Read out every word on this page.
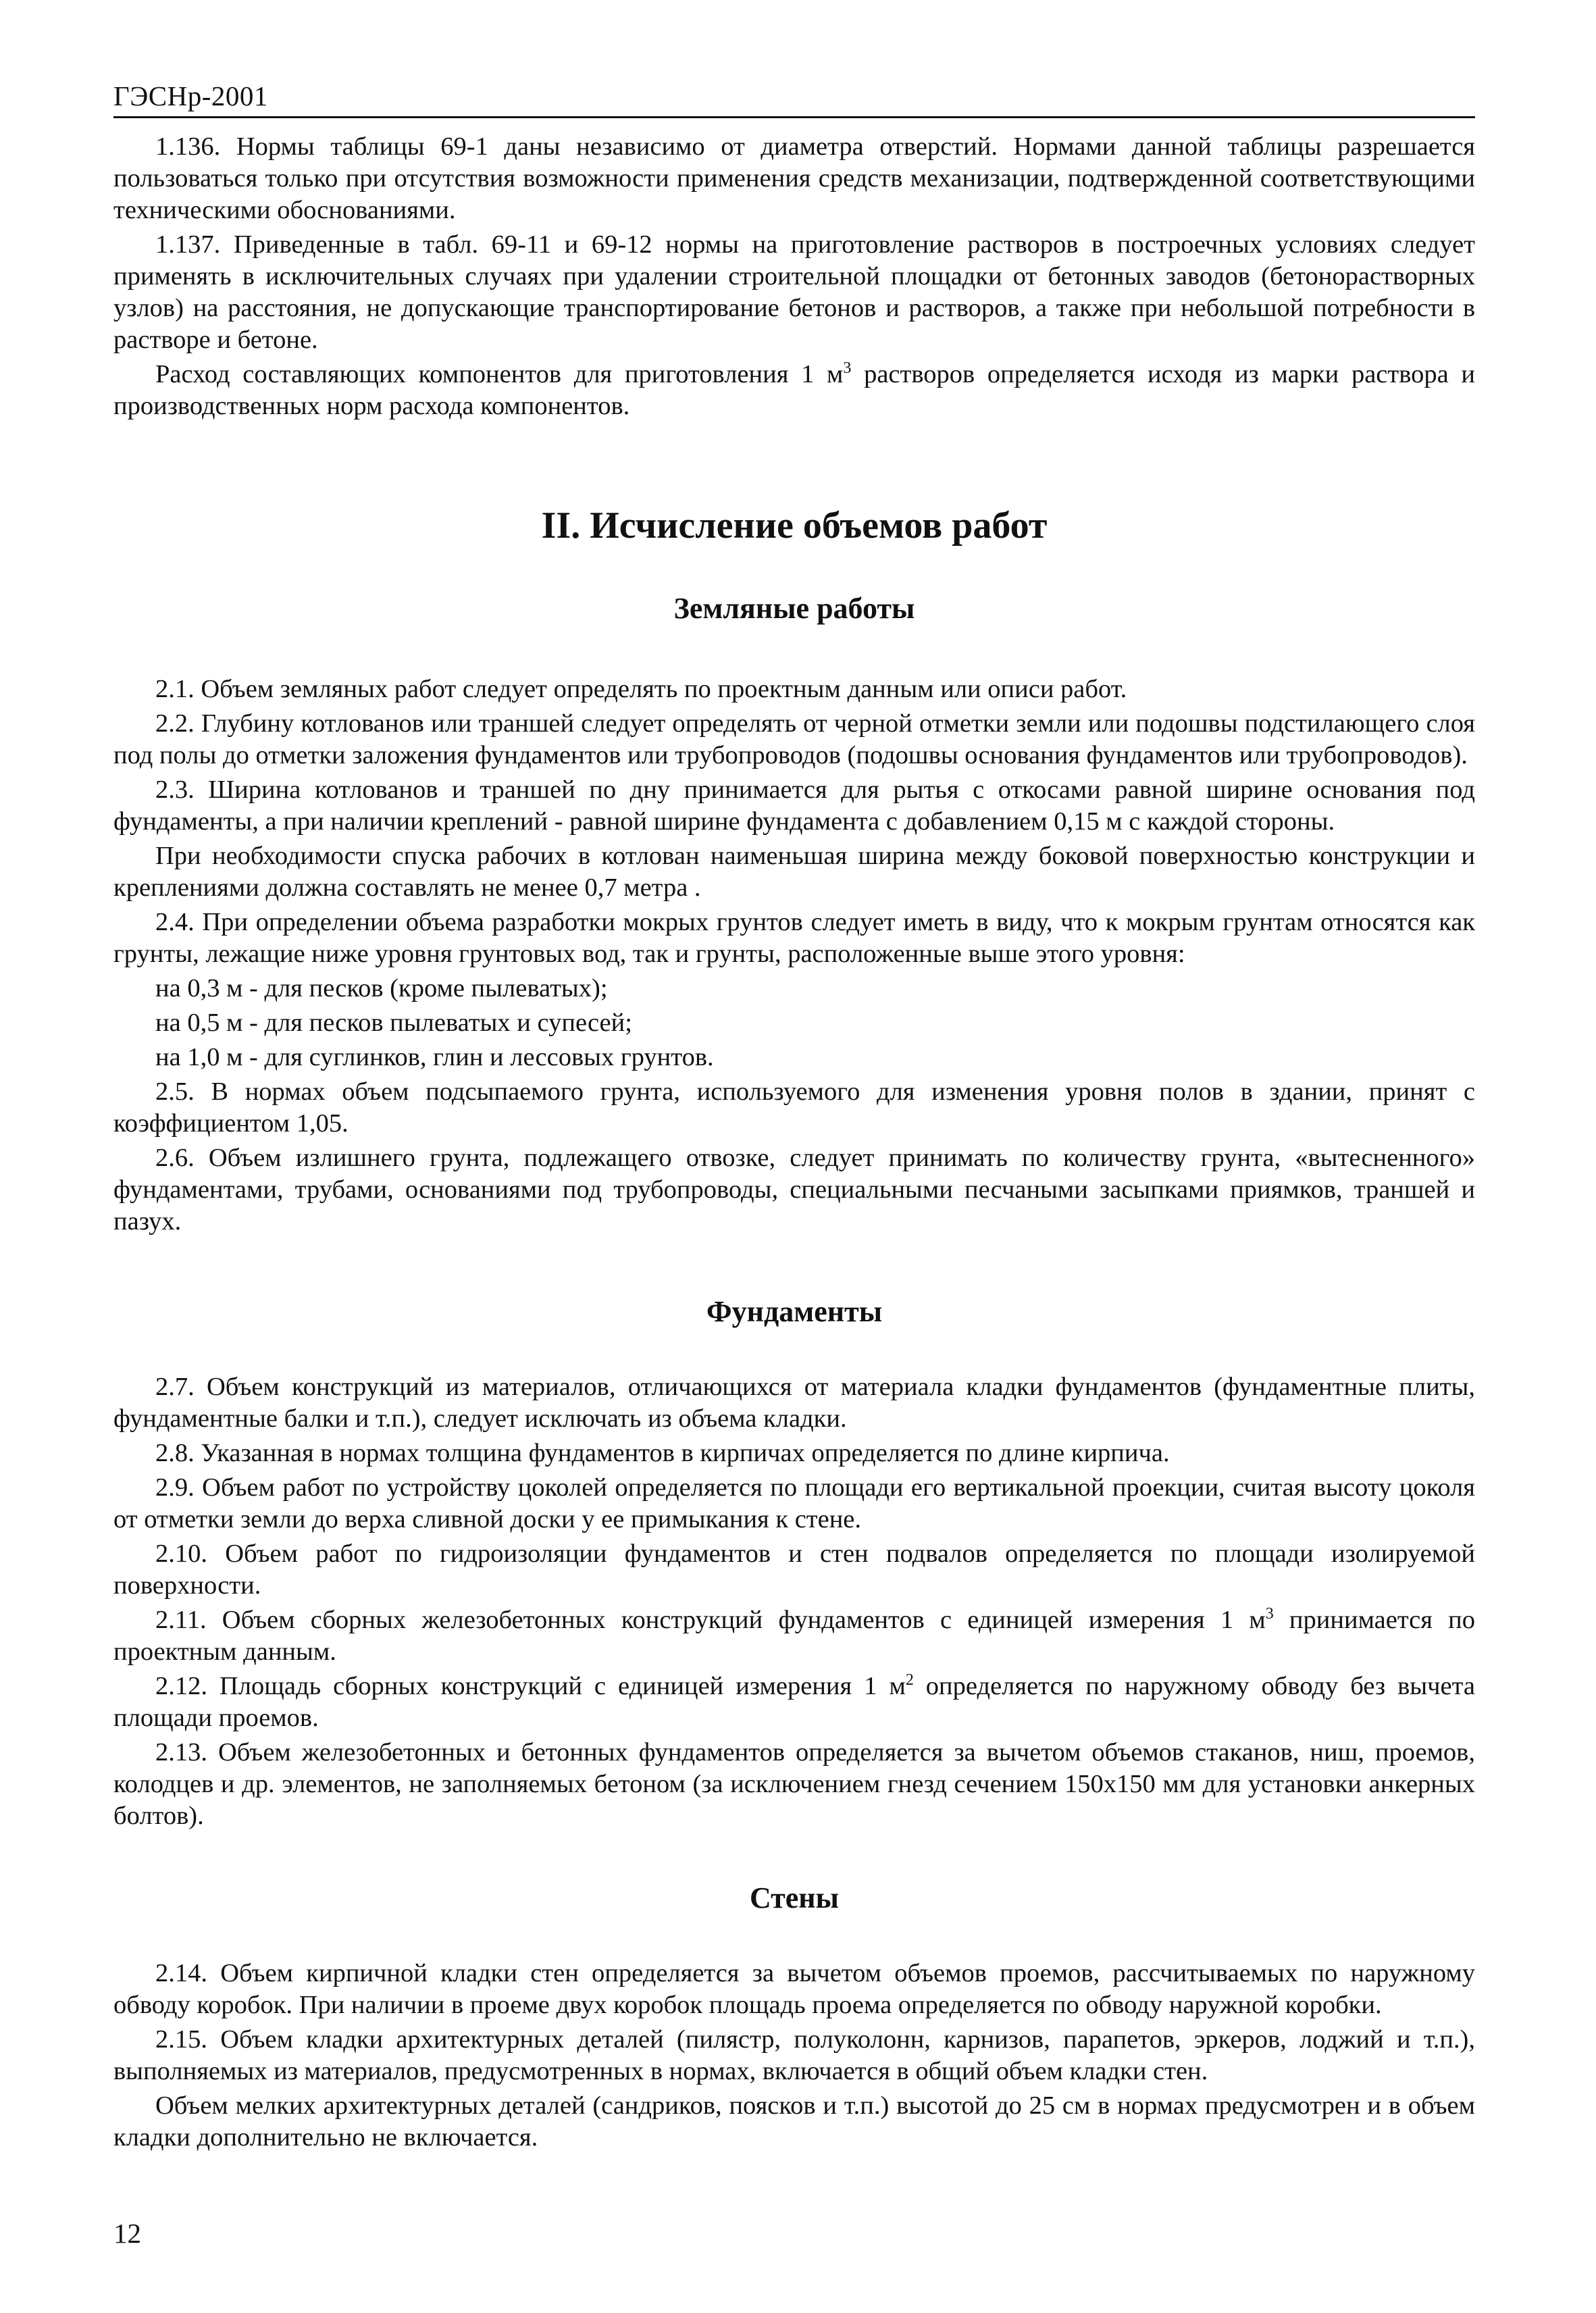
ГЭСНр-2001

1.136. Нормы таблицы 69-1 даны независимо от диаметра отверстий. Нормами данной таблицы разрешается пользоваться только при отсутствия возможности применения средств механизации, подтвержденной соответствующими техническими обоснованиями.

1.137. Приведенные в табл. 69-11 и 69-12 нормы на приготовление растворов в построечных условиях следует применять в исключительных случаях при удалении строительной площадки от бетонных заводов (бетонорастворных узлов) на расстояния, не допускающие транспортирование бетонов и растворов, а также при небольшой потребности в растворе и бетоне.

Расход составляющих компонентов для приготовления 1 $м^3$ растворов определяется исходя из марки раствора и производственных норм расхода компонентов.

II. Исчисление объемов работ
Земляные работы

2.1. Объем земляных работ следует определять по проектным данным или описи работ.

2.2. Глубину котлованов или траншей следует определять от черной отметки земли или подошвы подстилающего слоя под полы до отметки заложения фундаментов или трубопроводов (подошвы основания фундаментов или трубопроводов).

2.3. Ширина котлованов и траншей по дну принимается для рытья с откосами равной ширине основания под фундаменты, а при наличии креплений - равной ширине фундамента с добавлением 0,15 м с каждой стороны.

При необходимости спуска рабочих в котлован наименьшая ширина между боковой поверхностью конструкции и креплениями должна составлять не менее 0,7 метра .

2.4. При определении объема разработки мокрых грунтов следует иметь в виду, что к мокрым грунтам относятся как грунты, лежащие ниже уровня грунтовых вод, так и грунты, расположенные выше этого уровня:

на 0,3 м - для песков (кроме пылеватых);
на 0,5 м - для песков пылеватых и супесей;
на 1,0 м - для суглинков, глин и лессовых грунтов.

2.5. В нормах объем подсыпаемого грунта, используемого для изменения уровня полов в здании, принят с коэффициентом 1,05.

2.6. Объем излишнего грунта, подлежащего отвозке, следует принимать по количеству грунта, «вытесненного» фундаментами, трубами, основаниями под трубопроводы, специальными песчаными засыпками приямков, траншей и пазух.

Фундаменты

2.7. Объем конструкций из материалов, отличающихся от материала кладки фундаментов (фундаментные плиты, фундаментные балки и т.п.), следует исключать из объема кладки.

2.8. Указанная в нормах толщина фундаментов в кирпичах определяется по длине кирпича.

2.9. Объем работ по устройству цоколей определяется по площади его вертикальной проекции, считая высоту цоколя от отметки земли до верха сливной доски у ее примыкания к стене.

2.10. Объем работ по гидроизоляции фундаментов и стен подвалов определяется по площади изолируемой поверхности.

2.11. Объем сборных железобетонных конструкций фундаментов с единицей измерения 1 $м^3$ принимается по проектным данным.

2.12. Площадь сборных конструкций с единицей измерения 1 $м^2$ определяется по наружному обводу без вычета площади проемов.

2.13. Объем железобетонных и бетонных фундаментов определяется за вычетом объемов стаканов, ниш, проемов, колодцев и др. элементов, не заполняемых бетоном (за исключением гнезд сечением 150х150 мм для установки анкерных болтов).

Стены

2.14. Объем кирпичной кладки стен определяется за вычетом объемов проемов, рассчитываемых по наружному обводу коробок. При наличии в проеме двух коробок площадь проема определяется по обводу наружной коробки.

2.15. Объем кладки архитектурных деталей (пилястр, полуколонн, карнизов, парапетов, эркеров, лоджий и т.п.), выполняемых из материалов, предусмотренных в нормах, включается в общий объем кладки стен.

Объем мелких архитектурных деталей (сандриков, поясков и т.п.) высотой до 25 см в нормах предусмотрен и в объем кладки дополнительно не включается.

12
